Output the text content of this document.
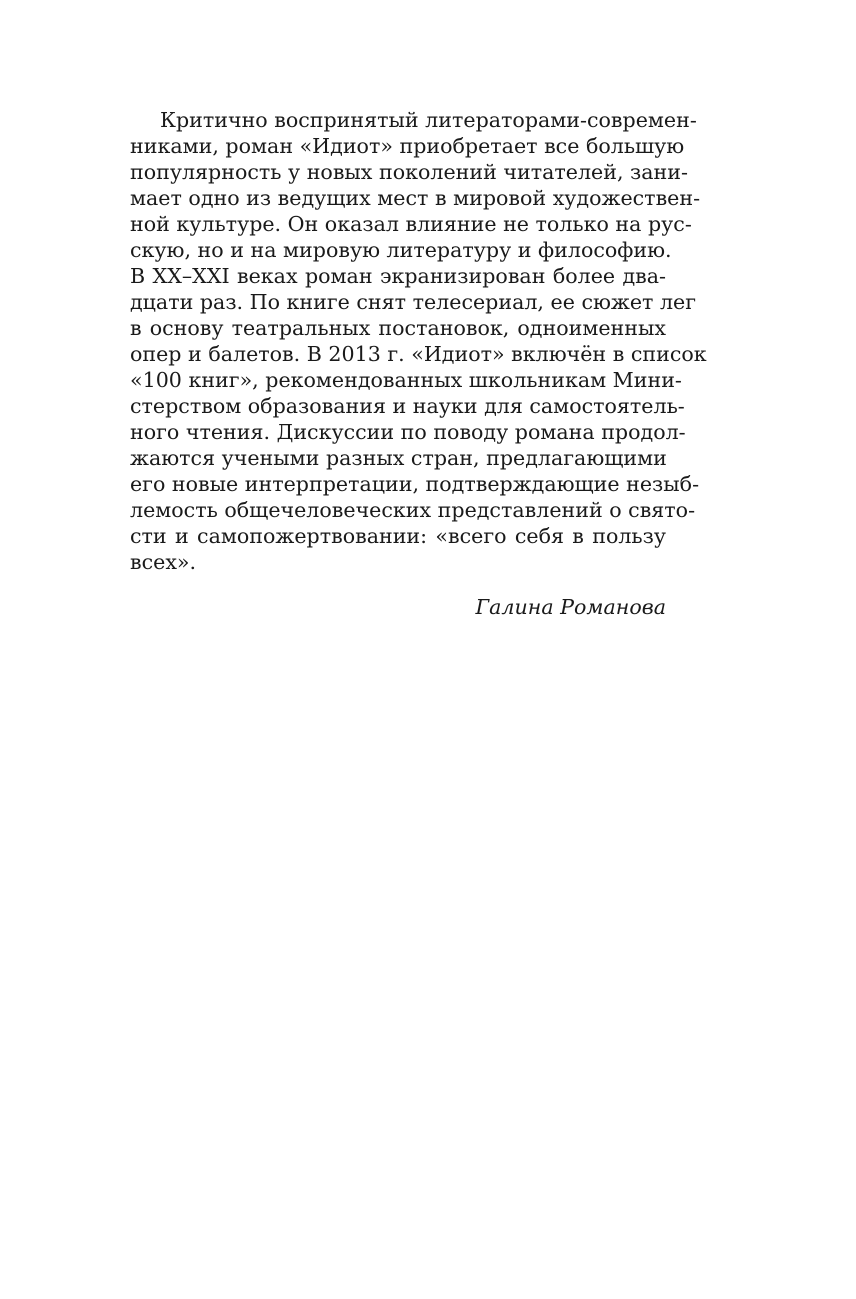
Критично воспринятый литераторами-современ-
никами, роман «Идиот» приобретает все большую
популярность у новых поколений читателей, зани-
мает одно из ведущих мест в мировой художествен-
ной культуре. Он оказал влияние не только на рус-
скую, но и на мировую литературу и философию.
В XX–XXI веках роман экранизирован более два-
дцати раз. По книге снят телесериал, ее сюжет лег
в основу театральных постановок, одноименных
опер и балетов. В 2013 г. «Идиот» включён в список
«100 книг», рекомендованных школьникам Мини-
стерством образования и науки для самостоятель-
ного чтения. Дискуссии по поводу романа продол-
жаются учеными разных стран, предлагающими
его новые интерпретации, подтверждающие незыб-
лемость общечеловеческих представлений о свято-
сти и самопожертвовании: «всего себя в пользу
всех».
Галина Романова
